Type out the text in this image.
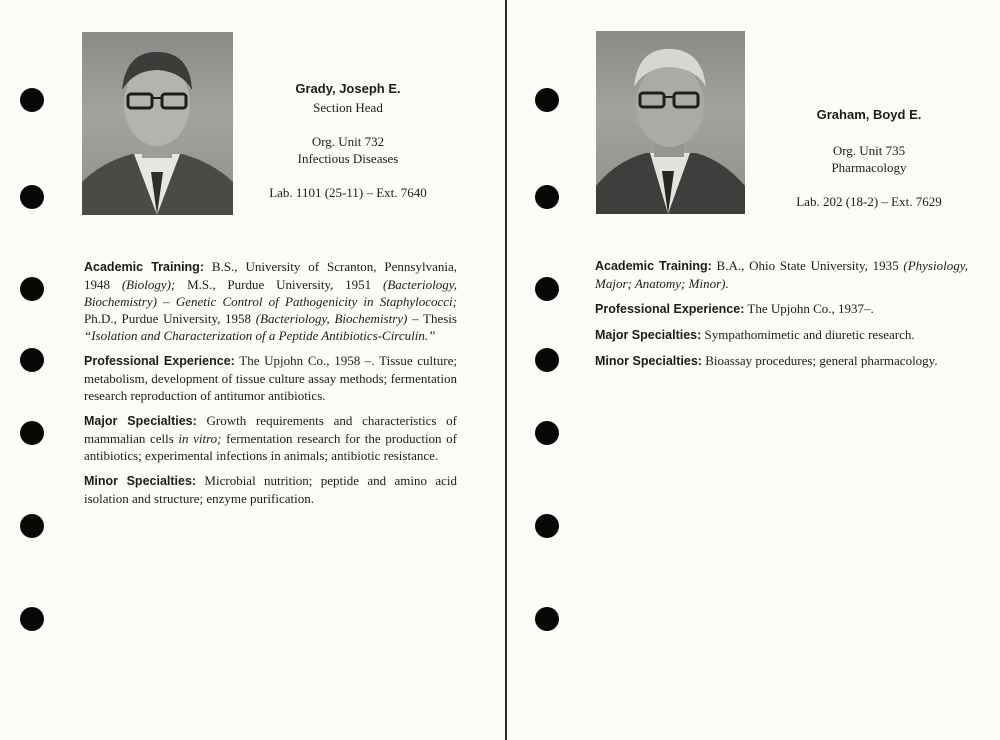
Grady, Joseph E.
Section Head
Org. Unit 732
Infectious Diseases
Lab. 1101 (25-11) – Ext. 7640

Academic Training: B.S., University of Scranton, Pennsylvania, 1948 (Biology); M.S., Purdue University, 1951 (Bacteriology, Biochemistry) – Genetic Control of Pathogenicity in Staphylococci; Ph.D., Purdue University, 1958 (Bacteriology, Biochemistry) – Thesis “Isolation and Characterization of a Peptide Antibiotics-Circulin.”

Professional Experience: The Upjohn Co., 1958 –. Tissue culture; metabolism, development of tissue culture assay methods; fermentation research reproduction of antitumor antibiotics.

Major Specialties: Growth requirements and characteristics of mammalian cells in vitro; fermentation research for the production of antibiotics; experimental infections in animals; antibiotic resistance.

Minor Specialties: Microbial nutrition; peptide and amino acid isolation and structure; enzyme purification.

Graham, Boyd E.
Org. Unit 735
Pharmacology
Lab. 202 (18-2) – Ext. 7629

Academic Training: B.A., Ohio State University, 1935 (Physiology, Major; Anatomy; Minor).

Professional Experience: The Upjohn Co., 1937–.

Major Specialties: Sympathomimetic and diuretic research.

Minor Specialties: Bioassay procedures; general pharmacology.
